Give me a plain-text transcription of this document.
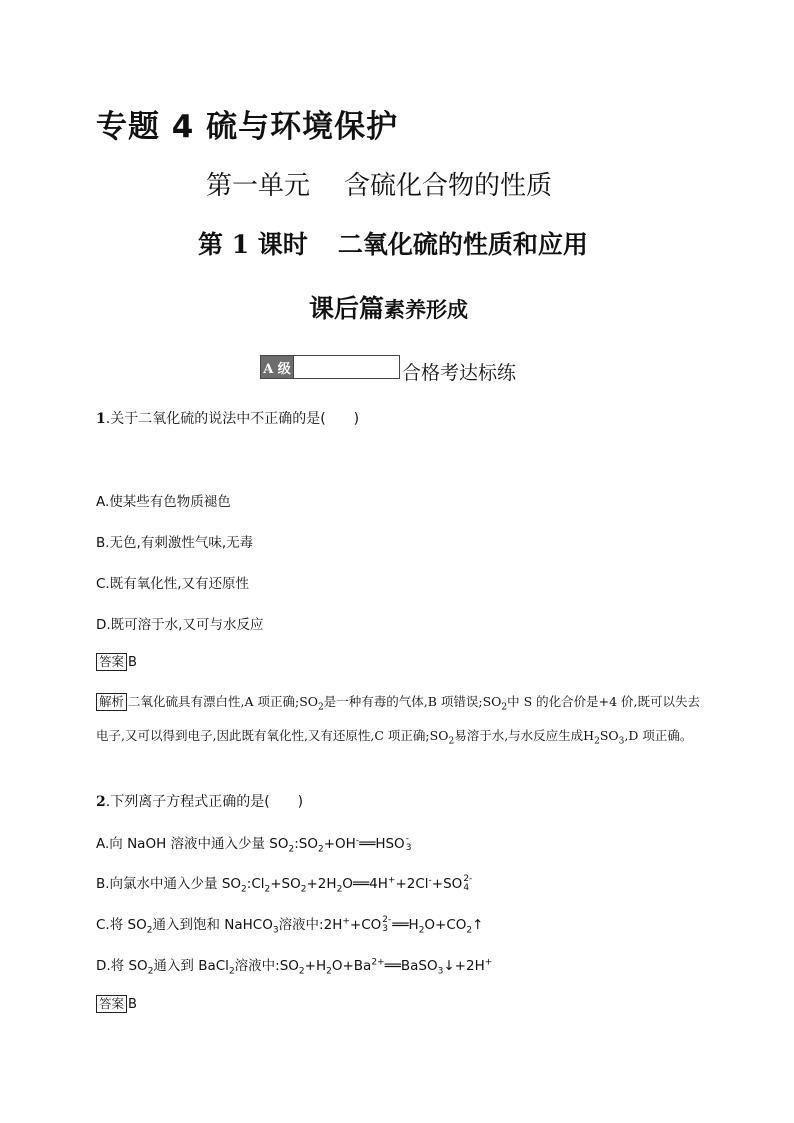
专题 4 硫与环境保护
第一单元 含硫化合物的性质
第 1 课时 二氧化硫的性质和应用
课后篇素养形成
A 级	合格考达标练
1.关于二氧化硫的说法中不正确的是(　　)
A.使某些有色物质褪色
B.无色,有刺激性气味,无毒
C.既有氧化性,又有还原性
D.既可溶于水,又可与水反应
答案 B
解析 二氧化硫具有漂白性,A 项正确$;SO_2$是一种有毒的气体,B 项错误$;SO_2$中 S 的化合价是+4 价,既可以失去电子,又可以得到电子,因此既有氧化性,又有还原性,C 项正确$;SO_2$易溶于水,与水反应生成$H_2SO_3,D$ 项正确。
2.下列离子方程式正确的是(　　)
A.向 NaOH 溶液中通入少量 $SO_2:SO_2+OH^-══HSO$ -
3
B.向氯水中通入少量 $SO_2:Cl_2+SO_2+2H_2O══4H^++2Cl^-+SO$ 2-
4
C.将 $SO_2$通入到饱和 NaHCO$_3$溶液中:2H++CO 2-
3 $══H_2O+CO_2↑$
D.将 $SO_2$通入到 BaCl$_2$溶液中$:SO_2+H_2O+Ba^{2+}══BaSO_3↓+2H^+$
答案 B
